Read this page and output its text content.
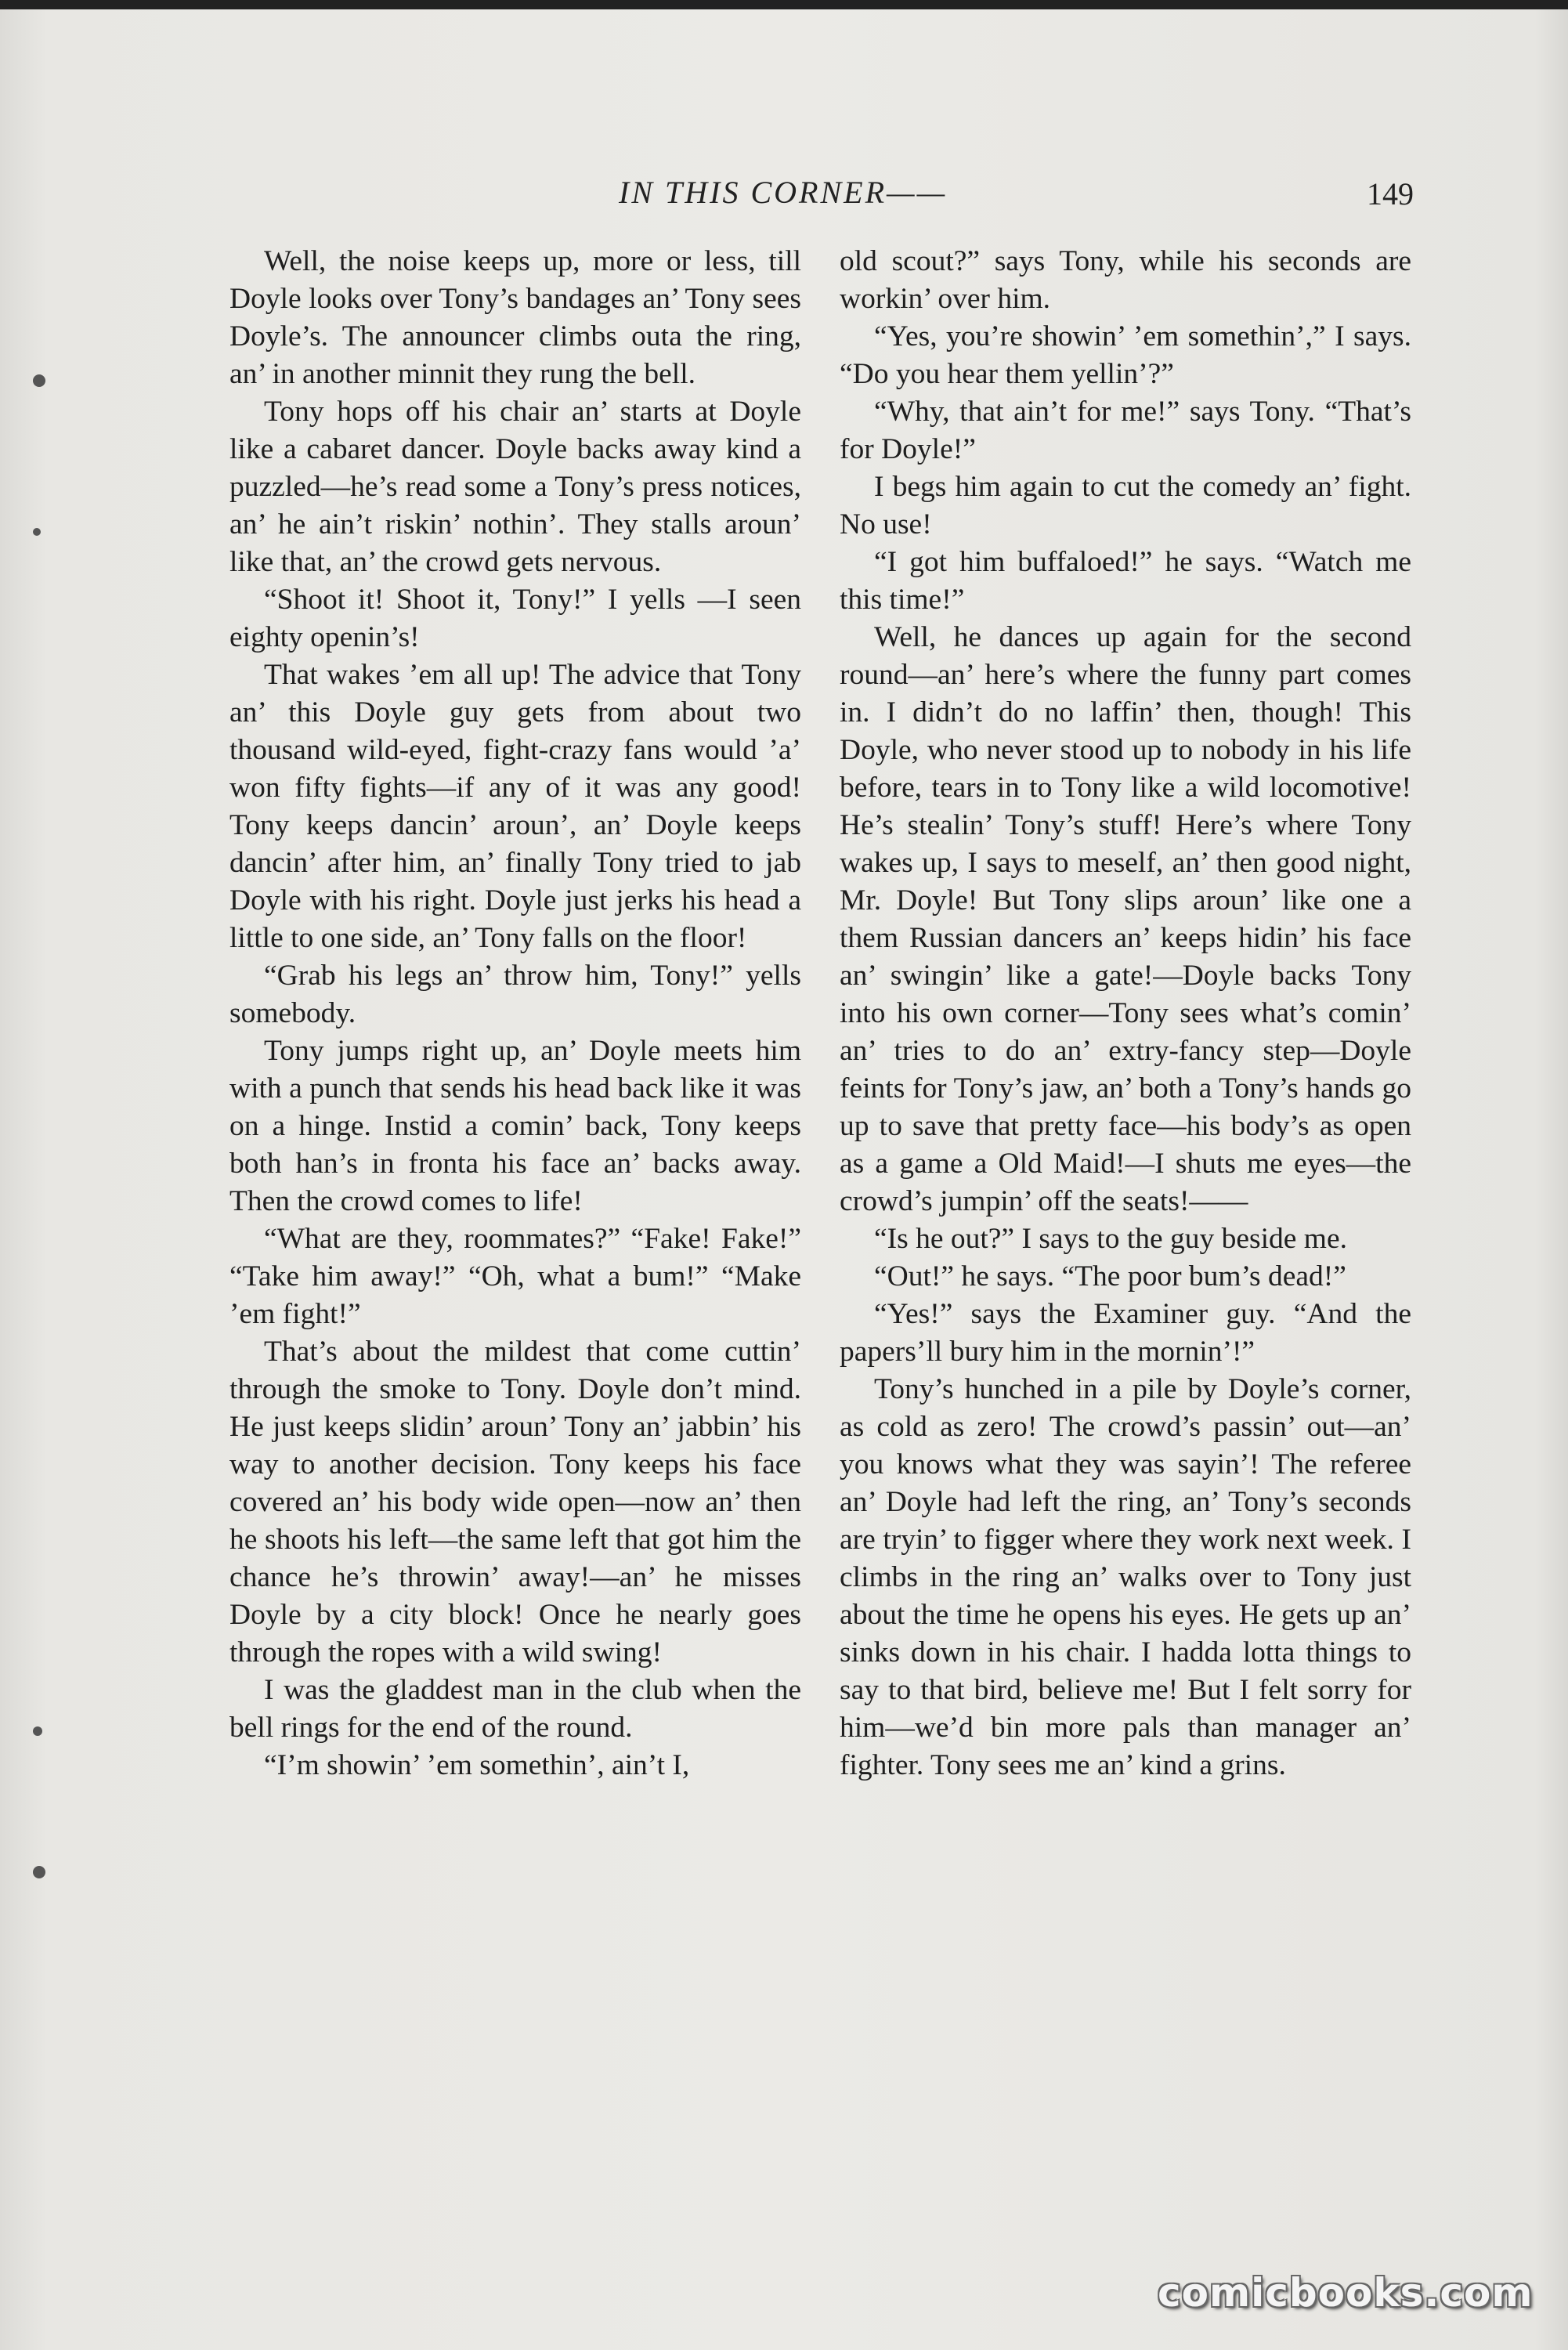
IN THIS CORNER——	149

Well, the noise keeps up, more or less, till Doyle looks over Tony’s bandages an’ Tony sees Doyle’s. The announcer climbs outa the ring, an’ in another minnit they rung the bell.

Tony hops off his chair an’ starts at Doyle like a cabaret dancer. Doyle backs away kind a puzzled—he’s read some a Tony’s press notices, an’ he ain’t riskin’ nothin’. They stalls aroun’ like that, an’ the crowd gets nervous.

“Shoot it! Shoot it, Tony!” I yells —I seen eighty openin’s!

That wakes ’em all up! The advice that Tony an’ this Doyle guy gets from about two thousand wild-eyed, fight-crazy fans would ’a’ won fifty fights—if any of it was any good! Tony keeps dancin’ aroun’, an’ Doyle keeps dancin’ after him, an’ finally Tony tried to jab Doyle with his right. Doyle just jerks his head a little to one side, an’ Tony falls on the floor!

“Grab his legs an’ throw him, Tony!” yells somebody.

Tony jumps right up, an’ Doyle meets him with a punch that sends his head back like it was on a hinge. Instid a comin’ back, Tony keeps both han’s in fronta his face an’ backs away. Then the crowd comes to life!

“What are they, roommates?” “Fake! Fake!” “Take him away!” “Oh, what a bum!” “Make ’em fight!”

That’s about the mildest that come cuttin’ through the smoke to Tony. Doyle don’t mind. He just keeps slidin’ aroun’ Tony an’ jabbin’ his way to another decision. Tony keeps his face covered an’ his body wide open—now an’ then he shoots his left—the same left that got him the chance he’s throwin’ away!—an’ he misses Doyle by a city block! Once he nearly goes through the ropes with a wild swing!

I was the gladdest man in the club when the bell rings for the end of the round.

“I’m showin’ ’em somethin’, ain’t I,

old scout?” says Tony, while his seconds are workin’ over him.

“Yes, you’re showin’ ’em somethin’,” I says. “Do you hear them yellin’?”

“Why, that ain’t for me!” says Tony. “That’s for Doyle!”

I begs him again to cut the comedy an’ fight. No use!

“I got him buffaloed!” he says. “Watch me this time!”

Well, he dances up again for the second round—an’ here’s where the funny part comes in. I didn’t do no laffin’ then, though! This Doyle, who never stood up to nobody in his life before, tears in to Tony like a wild locomotive! He’s stealin’ Tony’s stuff! Here’s where Tony wakes up, I says to meself, an’ then good night, Mr. Doyle! But Tony slips aroun’ like one a them Russian dancers an’ keeps hidin’ his face an’ swingin’ like a gate!—Doyle backs Tony into his own corner—Tony sees what’s comin’ an’ tries to do an’ extry-fancy step—Doyle feints for Tony’s jaw, an’ both a Tony’s hands go up to save that pretty face—his body’s as open as a game a Old Maid!—I shuts me eyes—the crowd’s jumpin’ off the seats!——

“Is he out?” I says to the guy beside me.

“Out!” he says. “The poor bum’s dead!”

“Yes!” says the Examiner guy. “And the papers’ll bury him in the mornin’!”

Tony’s hunched in a pile by Doyle’s corner, as cold as zero! The crowd’s passin’ out—an’ you knows what they was sayin’! The referee an’ Doyle had left the ring, an’ Tony’s seconds are tryin’ to figger where they work next week. I climbs in the ring an’ walks over to Tony just about the time he opens his eyes. He gets up an’ sinks down in his chair. I hadda lotta things to say to that bird, believe me! But I felt sorry for him—we’d bin more pals than manager an’ fighter. Tony sees me an’ kind a grins.

comicbooks.com
